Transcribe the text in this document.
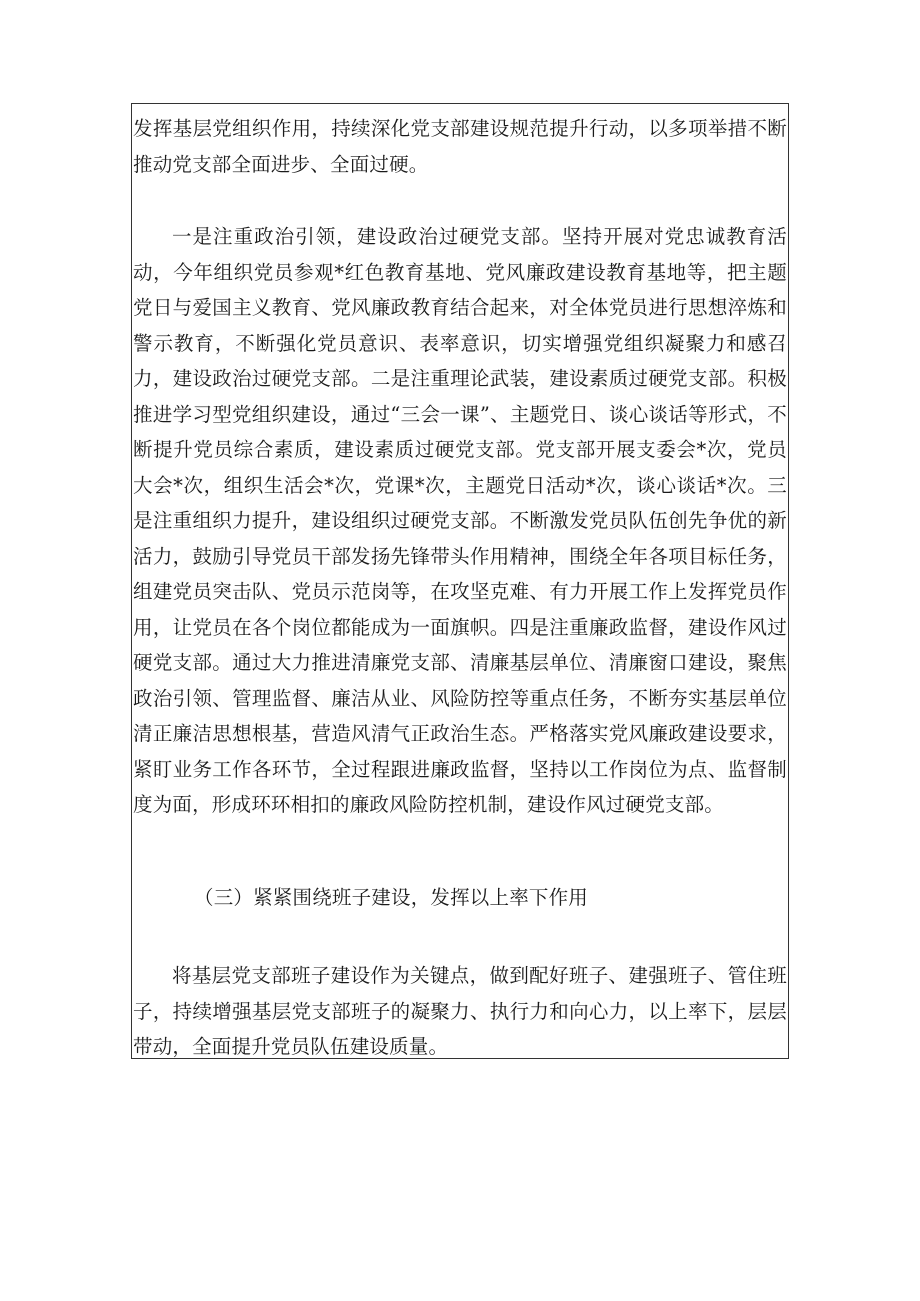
发挥基层党组织作用，持续深化党支部建设规范提升行动，以多项举措不断推动党支部全面进步、全面过硬。

一是注重政治引领，建设政治过硬党支部。坚持开展对党忠诚教育活动，今年组织党员参观*红色教育基地、党风廉政建设教育基地等，把主题党日与爱国主义教育、党风廉政教育结合起来，对全体党员进行思想淬炼和警示教育，不断强化党员意识、表率意识，切实增强党组织凝聚力和感召力，建设政治过硬党支部。二是注重理论武装，建设素质过硬党支部。积极推进学习型党组织建设，通过“三会一课”、主题党日、谈心谈话等形式，不断提升党员综合素质，建设素质过硬党支部。党支部开展支委会*次，党员大会*次，组织生活会*次，党课*次，主题党日活动*次，谈心谈话*次。三是注重组织力提升，建设组织过硬党支部。不断激发党员队伍创先争优的新活力，鼓励引导党员干部发扬先锋带头作用精神，围绕全年各项目标任务，组建党员突击队、党员示范岗等，在攻坚克难、有力开展工作上发挥党员作用，让党员在各个岗位都能成为一面旗帜。四是注重廉政监督，建设作风过硬党支部。通过大力推进清廉党支部、清廉基层单位、清廉窗口建设，聚焦政治引领、管理监督、廉洁从业、风险防控等重点任务，不断夯实基层单位清正廉洁思想根基，营造风清气正政治生态。严格落实党风廉政建设要求，紧盯业务工作各环节，全过程跟进廉政监督，坚持以工作岗位为点、监督制度为面，形成环环相扣的廉政风险防控机制，建设作风过硬党支部。

（三）紧紧围绕班子建设，发挥以上率下作用

将基层党支部班子建设作为关键点，做到配好班子、建强班子、管住班子，持续增强基层党支部班子的凝聚力、执行力和向心力，以上率下，层层带动，全面提升党员队伍建设质量。
